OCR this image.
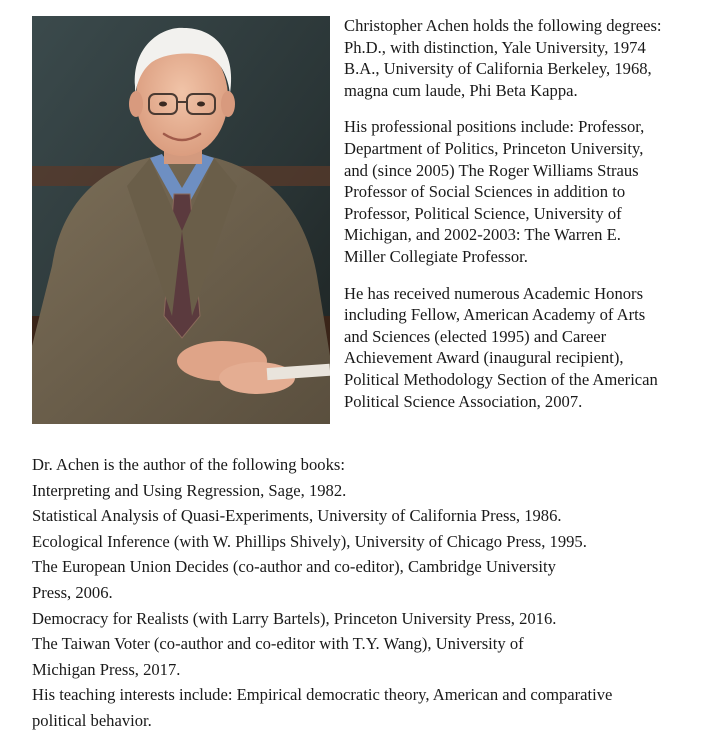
Christopher Achen holds the following degrees:
Ph.D., with distinction, Yale University, 1974
B.A., University of California Berkeley, 1968,
magna cum laude, Phi Beta Kappa.

His professional positions include: Professor,
Department of Politics, Princeton University,
and (since 2005) The Roger Williams Straus
Professor of Social Sciences in addition to
Professor, Political Science, University of
Michigan, and 2002-2003: The Warren E.
Miller Collegiate Professor.

He has received numerous Academic Honors
including Fellow, American Academy of Arts
and Sciences (elected 1995) and Career
Achievement Award (inaugural recipient),
Political Methodology Section of the American
Political Science Association, 2007.

Dr. Achen is the author of the following books:
Interpreting and Using Regression, Sage, 1982.
Statistical Analysis of Quasi-Experiments, University of California Press, 1986.
Ecological Inference (with W. Phillips Shively), University of Chicago Press, 1995.
The European Union Decides (co-author and co-editor), Cambridge University
Press, 2006.
Democracy for Realists (with Larry Bartels), Princeton University Press, 2016.
The Taiwan Voter (co-author and co-editor with T.Y. Wang), University of
Michigan Press, 2017.
His teaching interests include: Empirical democratic theory, American and comparative
political behavior.
